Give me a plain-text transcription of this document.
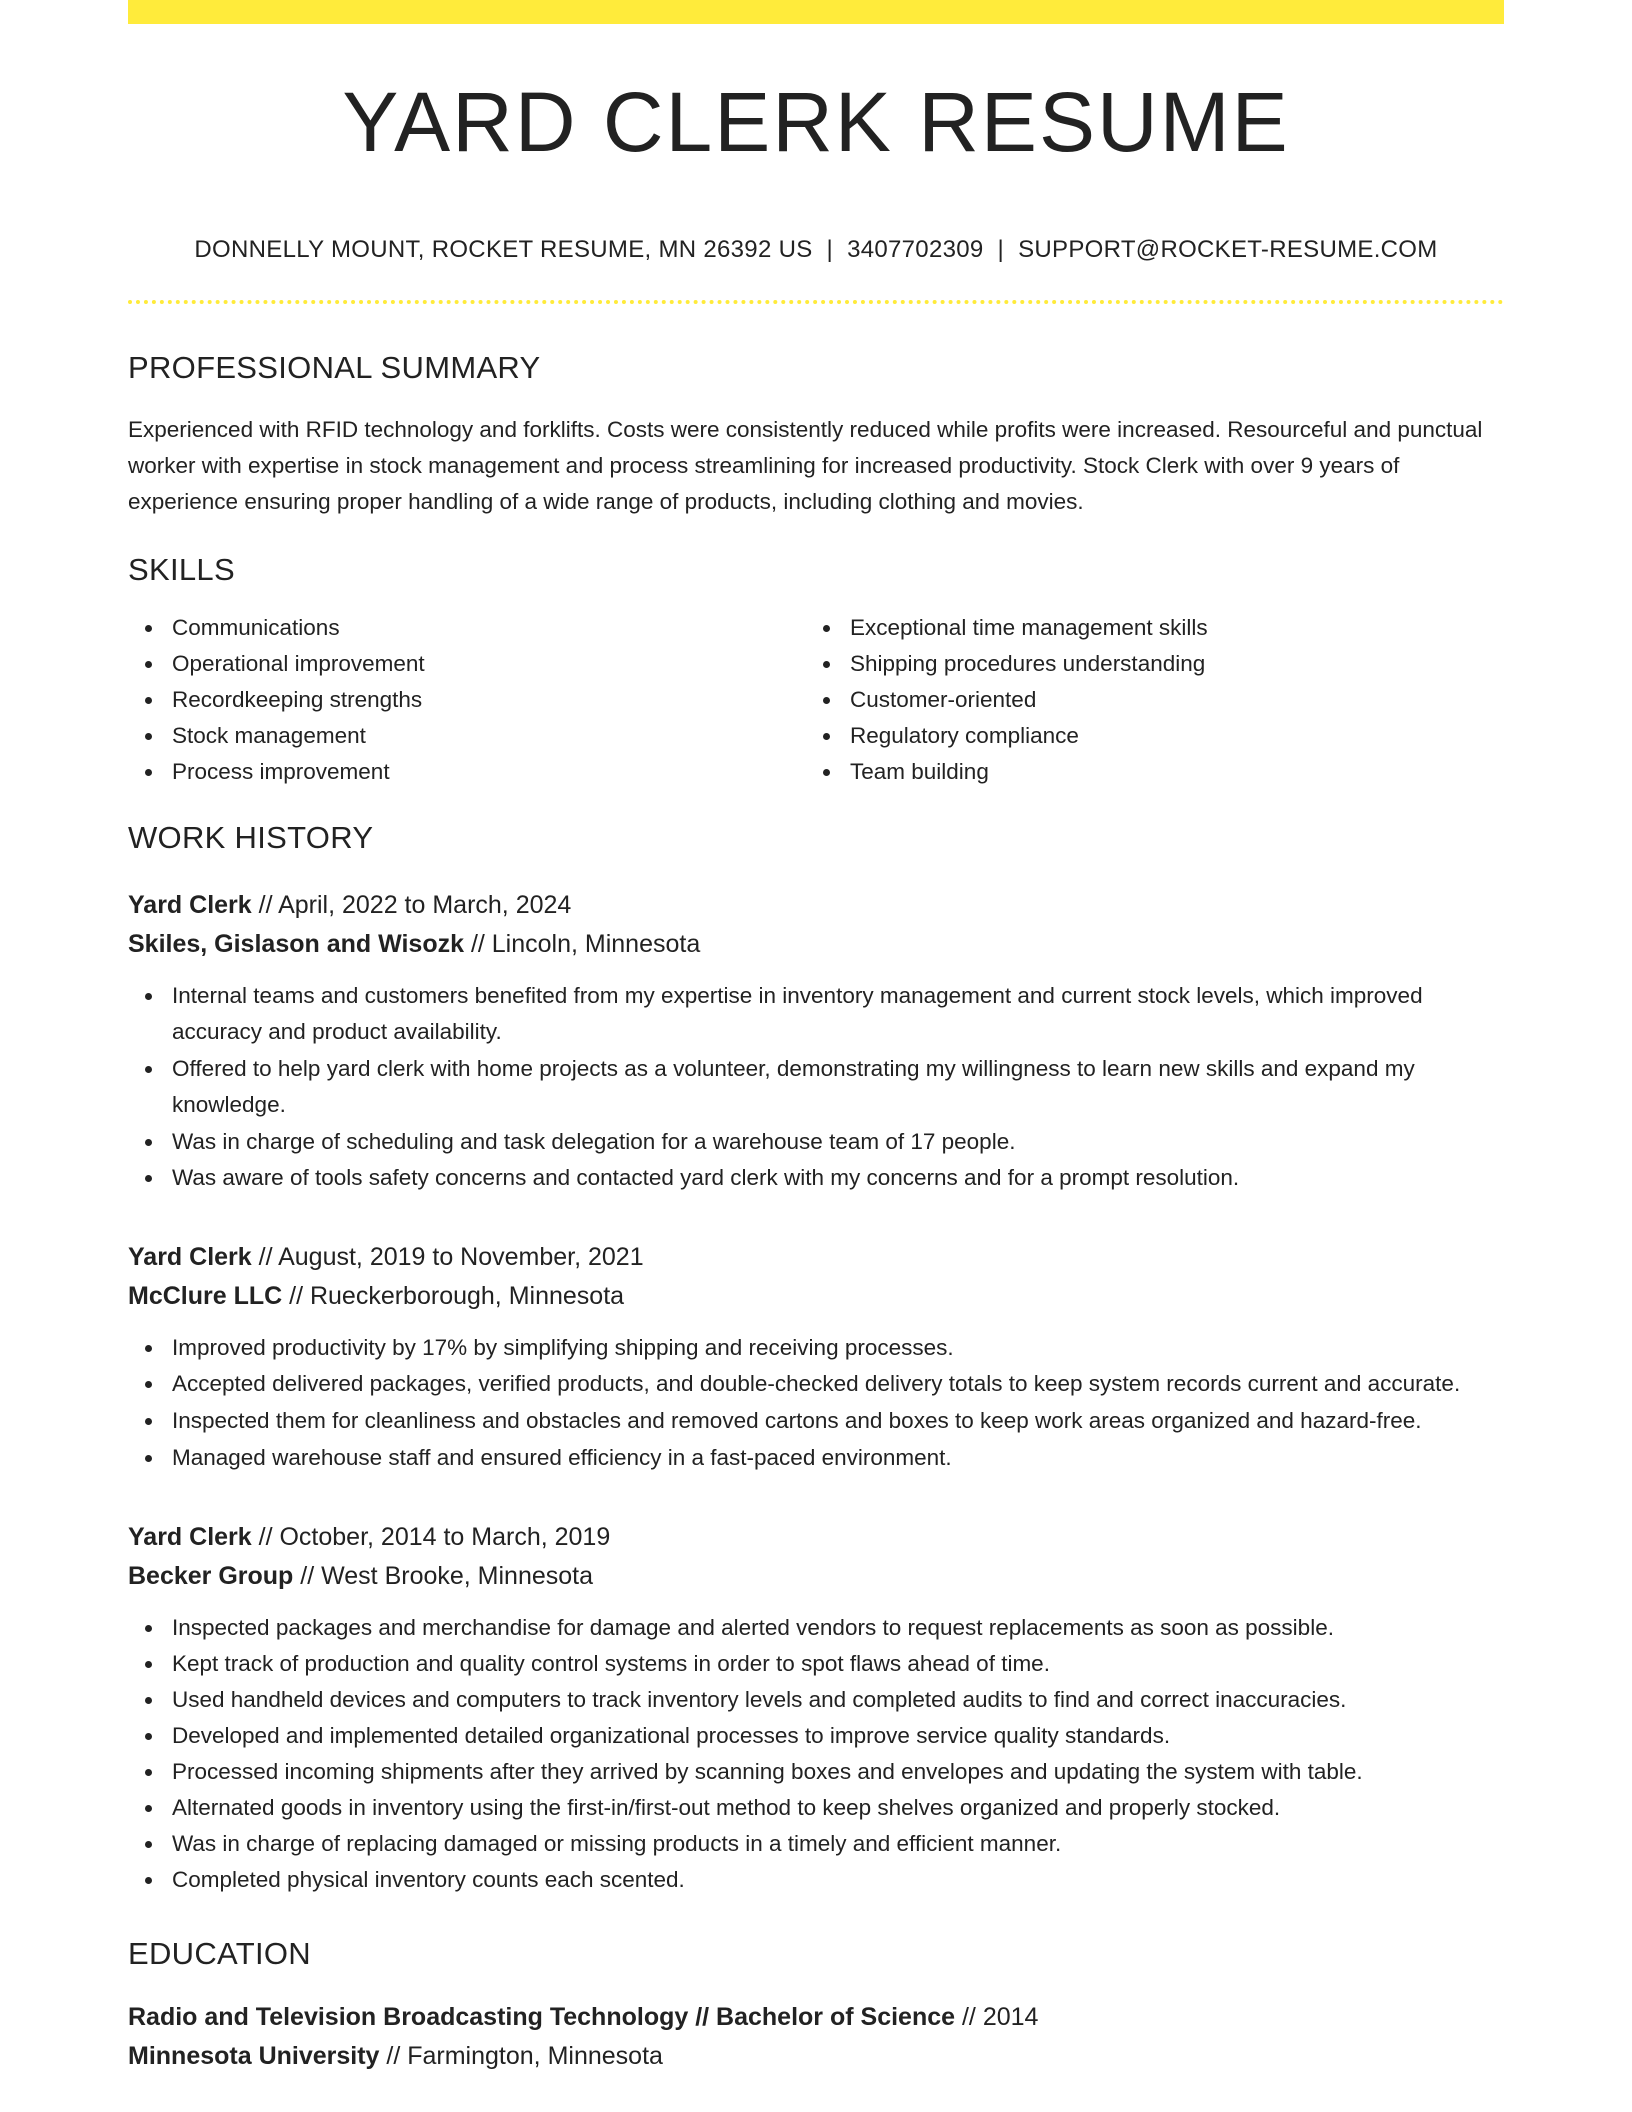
YARD CLERK RESUME
DONNELLY MOUNT, ROCKET RESUME, MN 26392 US | 3407702309 | SUPPORT@ROCKET-RESUME.COM
PROFESSIONAL SUMMARY
Experienced with RFID technology and forklifts. Costs were consistently reduced while profits were increased. Resourceful and punctual worker with expertise in stock management and process streamlining for increased productivity. Stock Clerk with over 9 years of experience ensuring proper handling of a wide range of products, including clothing and movies.
SKILLS
Communications
Operational improvement
Recordkeeping strengths
Stock management
Process improvement
Exceptional time management skills
Shipping procedures understanding
Customer-oriented
Regulatory compliance
Team building
WORK HISTORY
Yard Clerk // April, 2022 to March, 2024
Skiles, Gislason and Wisozk // Lincoln, Minnesota
Internal teams and customers benefited from my expertise in inventory management and current stock levels, which improved accuracy and product availability.
Offered to help yard clerk with home projects as a volunteer, demonstrating my willingness to learn new skills and expand my knowledge.
Was in charge of scheduling and task delegation for a warehouse team of 17 people.
Was aware of tools safety concerns and contacted yard clerk with my concerns and for a prompt resolution.
Yard Clerk // August, 2019 to November, 2021
McClure LLC // Rueckerborough, Minnesota
Improved productivity by 17% by simplifying shipping and receiving processes.
Accepted delivered packages, verified products, and double-checked delivery totals to keep system records current and accurate.
Inspected them for cleanliness and obstacles and removed cartons and boxes to keep work areas organized and hazard-free.
Managed warehouse staff and ensured efficiency in a fast-paced environment.
Yard Clerk // October, 2014 to March, 2019
Becker Group // West Brooke, Minnesota
Inspected packages and merchandise for damage and alerted vendors to request replacements as soon as possible.
Kept track of production and quality control systems in order to spot flaws ahead of time.
Used handheld devices and computers to track inventory levels and completed audits to find and correct inaccuracies.
Developed and implemented detailed organizational processes to improve service quality standards.
Processed incoming shipments after they arrived by scanning boxes and envelopes and updating the system with table.
Alternated goods in inventory using the first-in/first-out method to keep shelves organized and properly stocked.
Was in charge of replacing damaged or missing products in a timely and efficient manner.
Completed physical inventory counts each scented.
EDUCATION
Radio and Television Broadcasting Technology // Bachelor of Science // 2014
Minnesota University // Farmington, Minnesota
